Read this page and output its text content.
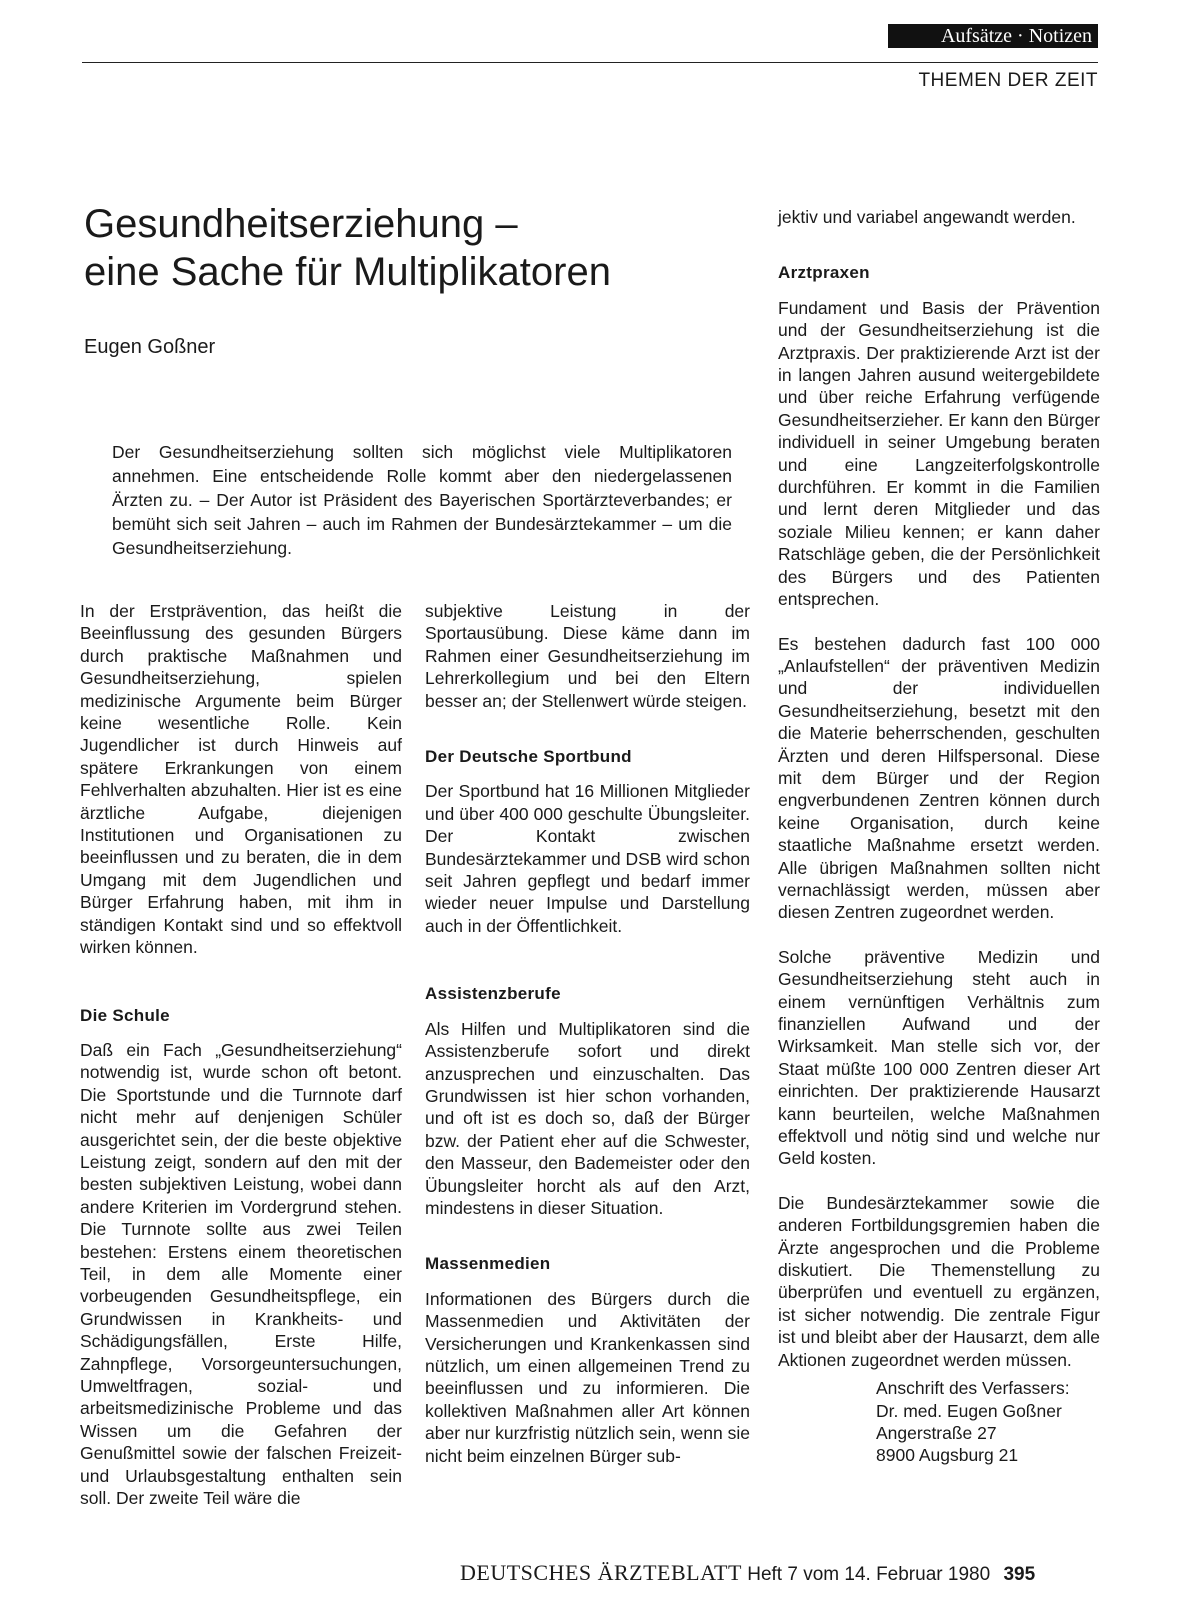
Aufsätze · Notizen
THEMEN DER ZEIT
Gesundheitserziehung –
eine Sache für Multiplikatoren
Eugen Goßner

Der Gesundheitserziehung sollten sich möglichst viele Multiplikatoren annehmen. Eine entscheidende Rolle kommt aber den niedergelassenen Ärzten zu. – Der Autor ist Präsident des Bayerischen Sportärzteverbandes; er bemüht sich seit Jahren – auch im Rahmen der Bundesärztekammer – um die Gesundheitserziehung.

In der Erstprävention, das heißt die Beeinflussung des gesunden Bürgers durch praktische Maßnahmen und Gesundheitserziehung, spielen medizinische Argumente beim Bürger keine wesentliche Rolle. Kein Jugendlicher ist durch Hinweis auf spätere Erkrankungen von einem Fehlverhalten abzuhalten. Hier ist es eine ärztliche Aufgabe, diejenigen Institutionen und Organisationen zu beeinflussen und zu beraten, die in dem Umgang mit dem Jugendlichen und Bürger Erfahrung haben, mit ihm in ständigen Kontakt sind und so effektvoll wirken können.

Die Schule

Daß ein Fach „Gesundheitserziehung“ notwendig ist, wurde schon oft betont. Die Sportstunde und die Turnnote darf nicht mehr auf denjenigen Schüler ausgerichtet sein, der die beste objektive Leistung zeigt, sondern auf den mit der besten subjektiven Leistung, wobei dann andere Kriterien im Vordergrund stehen. Die Turnnote sollte aus zwei Teilen bestehen: Erstens einem theoretischen Teil, in dem alle Momente einer vorbeugenden Gesundheitspflege, ein Grundwissen in Krankheits- und Schädigungsfällen, Erste Hilfe, Zahnpflege, Vorsorgeuntersuchungen, Umweltfragen, sozial- und arbeitsmedizinische Probleme und das Wissen um die Gefahren der Genußmittel sowie der falschen Freizeit- und Urlaubsgestaltung enthalten sein soll. Der zweite Teil wäre die

subjektive Leistung in der Sportausübung. Diese käme dann im Rahmen einer Gesundheitserziehung im Lehrerkollegium und bei den Eltern besser an; der Stellenwert würde steigen.

Der Deutsche Sportbund

Der Sportbund hat 16 Millionen Mitglieder und über 400 000 geschulte Übungsleiter. Der Kontakt zwischen Bundesärztekammer und DSB wird schon seit Jahren gepflegt und bedarf immer wieder neuer Impulse und Darstellung auch in der Öffentlichkeit.

Assistenzberufe

Als Hilfen und Multiplikatoren sind die Assistenzberufe sofort und direkt anzusprechen und einzuschalten. Das Grundwissen ist hier schon vorhanden, und oft ist es doch so, daß der Bürger bzw. der Patient eher auf die Schwester, den Masseur, den Bademeister oder den Übungsleiter horcht als auf den Arzt, mindestens in dieser Situation.

Massenmedien

Informationen des Bürgers durch die Massenmedien und Aktivitäten der Versicherungen und Krankenkassen sind nützlich, um einen allgemeinen Trend zu beeinflussen und zu informieren. Die kollektiven Maßnahmen aller Art können aber nur kurzfristig nützlich sein, wenn sie nicht beim einzelnen Bürger sub-

jektiv und variabel angewandt werden.

Arztpraxen

Fundament und Basis der Prävention und der Gesundheitserziehung ist die Arztpraxis. Der praktizierende Arzt ist der in langen Jahren ausund weitergebildete und über reiche Erfahrung verfügende Gesundheitserzieher. Er kann den Bürger individuell in seiner Umgebung beraten und eine Langzeiterfolgskontrolle durchführen. Er kommt in die Familien und lernt deren Mitglieder und das soziale Milieu kennen; er kann daher Ratschläge geben, die der Persönlichkeit des Bürgers und des Patienten entsprechen.

Es bestehen dadurch fast 100 000 „Anlaufstellen“ der präventiven Medizin und der individuellen Gesundheitserziehung, besetzt mit den die Materie beherrschenden, geschulten Ärzten und deren Hilfspersonal. Diese mit dem Bürger und der Region engverbundenen Zentren können durch keine Organisation, durch keine staatliche Maßnahme ersetzt werden. Alle übrigen Maßnahmen sollten nicht vernachlässigt werden, müssen aber diesen Zentren zugeordnet werden.

Solche präventive Medizin und Gesundheitserziehung steht auch in einem vernünftigen Verhältnis zum finanziellen Aufwand und der Wirksamkeit. Man stelle sich vor, der Staat müßte 100 000 Zentren dieser Art einrichten. Der praktizierende Hausarzt kann beurteilen, welche Maßnahmen effektvoll und nötig sind und welche nur Geld kosten.

Die Bundesärztekammer sowie die anderen Fortbildungsgremien haben die Ärzte angesprochen und die Probleme diskutiert. Die Themenstellung zu überprüfen und eventuell zu ergänzen, ist sicher notwendig. Die zentrale Figur ist und bleibt aber der Hausarzt, dem alle Aktionen zugeordnet werden müssen.

Anschrift des Verfassers:
Dr. med. Eugen Goßner
Angerstraße 27
8900 Augsburg 21
DEUTSCHES ÄRZTEBLATT Heft 7 vom 14. Februar 1980 395
